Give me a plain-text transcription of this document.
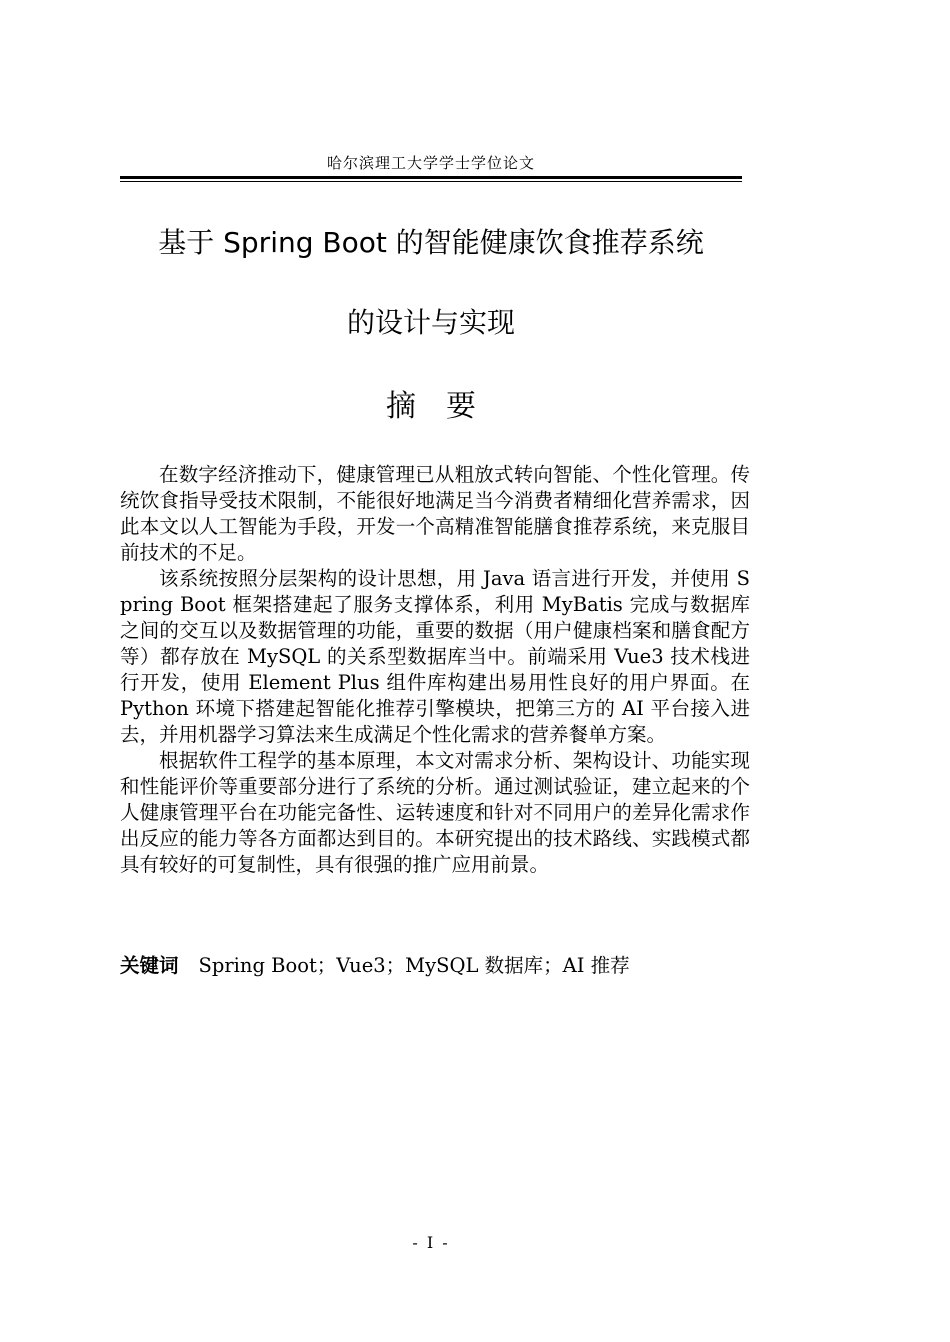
哈尔滨理工大学学士学位论文
基于 Spring Boot 的智能健康饮食推荐系统
的设计与实现
摘要

在数字经济推动下，健康管理已从粗放式转向智能、个性化管理。传统饮食指导受技术限制，不能很好地满足当今消费者精细化营养需求，因此本文以人工智能为手段，开发一个高精准智能膳食推荐系统，来克服目前技术的不足。

该系统按照分层架构的设计思想，用 Java 语言进行开发，并使用 Spring Boot 框架搭建起了服务支撑体系，利用 MyBatis 完成与数据库之间的交互以及数据管理的功能，重要的数据（用户健康档案和膳食配方等）都存放在 MySQL 的关系型数据库当中。前端采用 Vue3 技术栈进行开发，使用 Element Plus 组件库构建出易用性良好的用户界面。在 Python 环境下搭建起智能化推荐引擎模块，把第三方的 AI 平台接入进去，并用机器学习算法来生成满足个性化需求的营养餐单方案。

根据软件工程学的基本原理，本文对需求分析、架构设计、功能实现和性能评价等重要部分进行了系统的分析。通过测试验证，建立起来的个人健康管理平台在功能完备性、运转速度和针对不同用户的差异化需求作出反应的能力等各方面都达到目的。本研究提出的技术路线、实践模式都具有较好的可复制性，具有很强的推广应用前景。

关键词 Spring Boot；Vue3；MySQL 数据库；AI 推荐
- I -
